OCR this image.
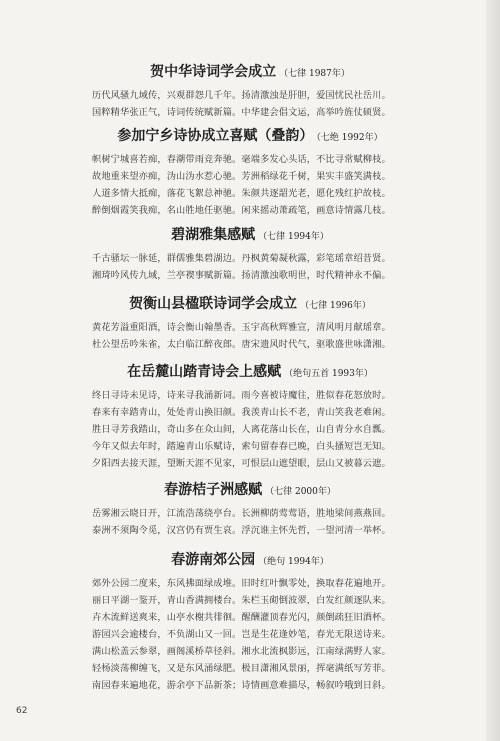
贺中华诗词学会成立 （七律 1987年）
历代风骚九域传，兴观群怨几千年。扬清激浊是肝胆，爱国忧民社岳川。
国粹精华张正气，诗词传统赋新篇。中华建会倡文运，高举吟旌仗硕贤。
参加宁乡诗协成立喜赋（叠韵） （七绝 1992年）
帜树宁城喜若痴，春潮带雨竞奔驰。毫端多发心头话，不比寻常赋柳枝。
故地重来望亦痴，沩山沩水惹心驰。芳洲稻绿花千树，果实丰盛笑满枝。
人道多情大抵痴，落花飞絮总神驰。朱颜共逐韶光老，愿化残红护故枝。
醉倒烟霞笑我痴，名山胜地任驱驰。闲来摇动萧疏笔，画意诗情露几枝。
碧湖雅集感赋 （七律 1994年）
千古骚坛一脉延，群儒雅集碧湖边。丹枫黄菊凝秋露，彩笔瑶章绍昔贤。
湘琦吟风传九域，兰亭褉事赋新篇。扬清激浊歌明世，时代精神永不偏。
贺衡山县楹联诗词学会成立 （七律 1996年）
黄花芳溢重阳酒，诗会衡山翰墨香。玉宇高秋辉雅宣，清风明月献瑶章。
杜公望岳吟朱雀，太白临江醉夜郎。唐宋遗风时代气，驱歌盛世咏潇湘。
在岳麓山踏青诗会上感赋 （绝句五首 1993年）
终日寻诗未见诗，诗来寻我涌新词。雨今喜被诗魔往，胜似春花怒放时。
春来有幸踏青山，处处青山换旧颜。我羡青山长不老，青山笑我老难闲。
胜日寻芳我踏山，奇山多在众山间，人离花落山长在，山自青分水自瓢。
今年又似去年时，踏遍青山乐赋诗，索句留春春已晚，白头搔短岂无知。
夕阳西去接天涯，望断天涯不见家，可恨层山遮望眼，层山又被暮云遮。
春游桔子洲感赋 （七律 2000年）
岳雾湘云晓日开，江流浩荡绕亭台。长洲柳荫莺莺语，胜地梁间燕燕回。
泰洲不须陶令觅，汉宫仍有贾生哀。浮沉谁主怀先哲，一望河清一举杯。
春游南郊公园 （绝句 1994年）
郊外公园二度来，东风拂面绿成堆。旧时红叶飘零处，换取春花遍地开。
丽日平湖一鉴开，青山香满拥楼台。朱栏玉砌倒波翠，白发红颜逐队来。
卉木流鲜送爽来，山亭水榭共徘徊。醒酬灌顶春光闪，颜倒疏狂旧酒杯。
游园兴会逾楼台，不负湖山又一回。岂是生花逢妙笔，春光无限送诗来。
满山松盖云参翠，画阁溪桥草径斜。湘水北流枫影远，江南绿满野人家。
轻杨淡荡柳缠飞，又是东风涌绿肥。极目潇湘风景丽，挥毫满纸写芳菲。
南园春来遍地花，游余亭下品新茶；诗情画意难描尽，畅叙吟哦到日斜。
62
